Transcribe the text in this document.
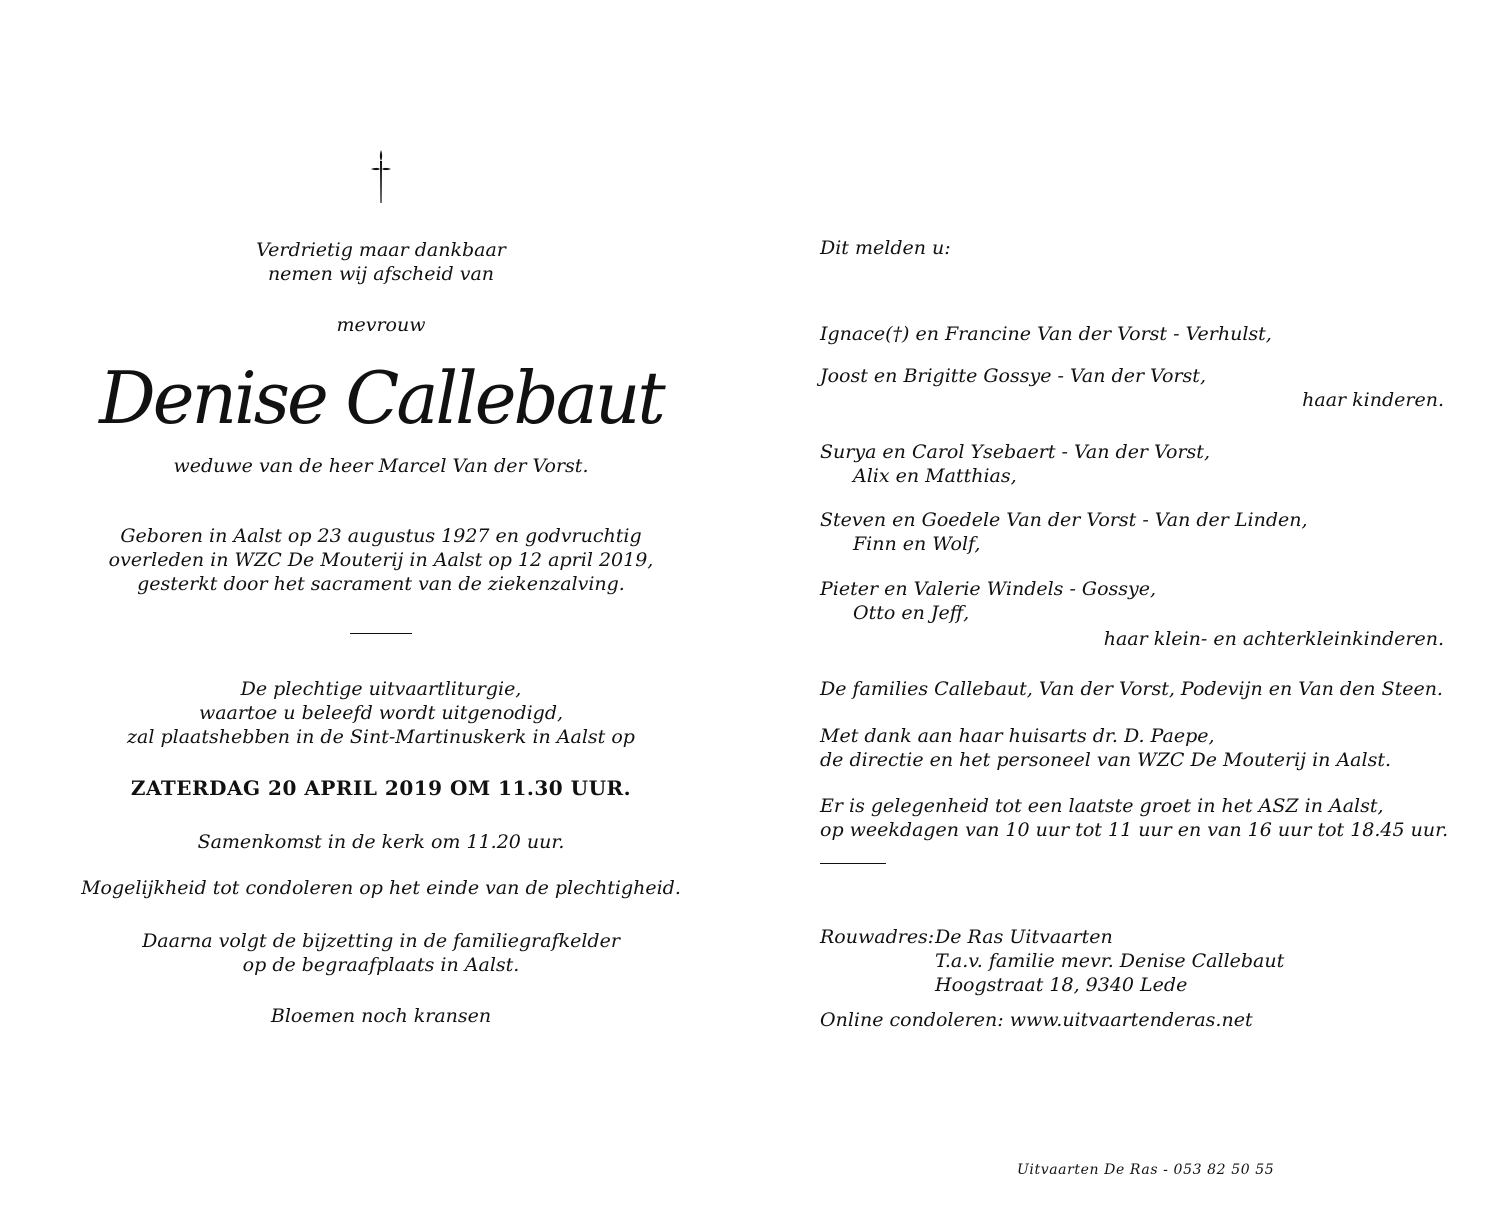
Verdrietig maar dankbaar
nemen wij afscheid van
mevrouw
Denise Callebaut
weduwe van de heer Marcel Van der Vorst.
Geboren in Aalst op 23 augustus 1927 en godvruchtig
overleden in WZC De Mouterij in Aalst op 12 april 2019,
gesterkt door het sacrament van de ziekenzalving.
De plechtige uitvaartliturgie,
waartoe u beleefd wordt uitgenodigd,
zal plaatshebben in de Sint-Martinuskerk in Aalst op
ZATERDAG 20 APRIL 2019 OM 11.30 UUR.
Samenkomst in de kerk om 11.20 uur.
Mogelijkheid tot condoleren op het einde van de plechtigheid.
Daarna volgt de bijzetting in de familiegrafkelder
op de begraafplaats in Aalst.
Bloemen noch kransen
Dit melden u:
Ignace(†) en Francine Van der Vorst - Verhulst,
Joost en Brigitte Gossye - Van der Vorst,
haar kinderen.
Surya en Carol Ysebaert - Van der Vorst,
Alix en Matthias,
Steven en Goedele Van der Vorst - Van der Linden,
Finn en Wolf,
Pieter en Valerie Windels - Gossye,
Otto en Jeff,
haar klein- en achterkleinkinderen.
De families Callebaut, Van der Vorst, Podevijn en Van den Steen.
Met dank aan haar huisarts dr. D. Paepe,
de directie en het personeel van WZC De Mouterij in Aalst.
Er is gelegenheid tot een laatste groet in het ASZ in Aalst,
op weekdagen van 10 uur tot 11 uur en van 16 uur tot 18.45 uur.
Rouwadres: De Ras Uitvaarten
T.a.v. familie mevr. Denise Callebaut
Hoogstraat 18, 9340 Lede
Online condoleren: www.uitvaartenderas.net
Uitvaarten De Ras - 053 82 50 55
